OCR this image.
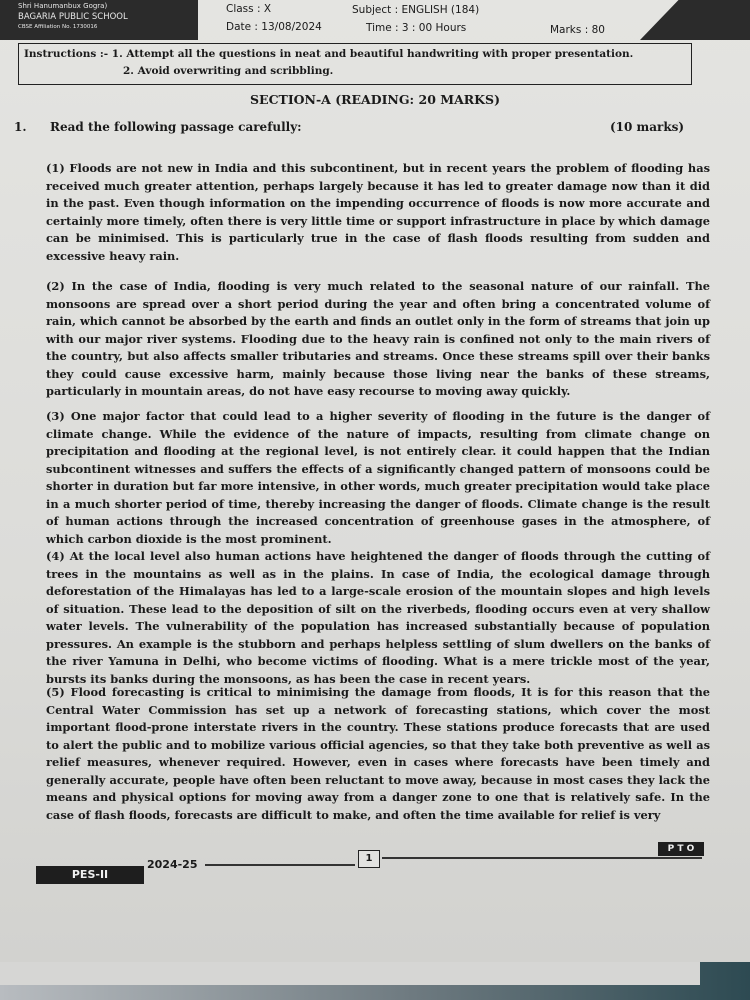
Shri Hanumanbux Gogra)
BAGARIA PUBLIC SCHOOL
CBSE Affiliation No. 1730016
Class : X
Date : 13/08/2024
Subject : ENGLISH (184)
Time : 3 : 00 Hours	Marks : 80
Instructions :- 1. Attempt all the questions in neat and beautiful handwriting with proper presentation.
2. Avoid overwriting and scribbling.
SECTION-A (READING: 20 MARKS)
1. Read the following passage carefully:	(10 marks)
(1) Floods are not new in India and this subcontinent, but in recent years the problem of flooding has received much greater attention, perhaps largely because it has led to greater damage now than it did in the past. Even though information on the impending occurrence of floods is now more accurate and certainly more timely, often there is very little time or support infrastructure in place by which damage can be minimised. This is particularly true in the case of flash floods resulting from sudden and excessive heavy rain.
(2) In the case of India, flooding is very much related to the seasonal nature of our rainfall. The monsoons are spread over a short period during the year and often bring a concentrated volume of rain, which cannot be absorbed by the earth and finds an outlet only in the form of streams that join up with our major river systems. Flooding due to the heavy rain is confined not only to the main rivers of the country, but also affects smaller tributaries and streams. Once these streams spill over their banks they could cause excessive harm, mainly because those living near the banks of these streams, particularly in mountain areas, do not have easy recourse to moving away quickly.
(3) One major factor that could lead to a higher severity of flooding in the future is the danger of climate change. While the evidence of the nature of impacts, resulting from climate change on precipitation and flooding at the regional level, is not entirely clear. it could happen that the Indian subcontinent witnesses and suffers the effects of a significantly changed pattern of monsoons could be shorter in duration but far more intensive, in other words, much greater precipitation would take place in a much shorter period of time, thereby increasing the danger of floods. Climate change is the result of human actions through the increased concentration of greenhouse gases in the atmosphere, of which carbon dioxide is the most prominent.
(4) At the local level also human actions have heightened the danger of floods through the cutting of trees in the mountains as well as in the plains. In case of India, the ecological damage through deforestation of the Himalayas has led to a large-scale erosion of the mountain slopes and high levels of situation. These lead to the deposition of silt on the riverbeds, flooding occurs even at very shallow water levels. The vulnerability of the population has increased substantially because of population pressures. An example is the stubborn and perhaps helpless settling of slum dwellers on the banks of the river Yamuna in Delhi, who become victims of flooding. What is a mere trickle most of the year, bursts its banks during the monsoons, as has been the case in recent years.
(5) Flood forecasting is critical to minimising the damage from floods, It is for this reason that the Central Water Commission has set up a network of forecasting stations, which cover the most important flood-prone interstate rivers in the country. These stations produce forecasts that are used to alert the public and to mobilize various official agencies, so that they take both preventive as well as relief measures, whenever required. However, even in cases where forecasts have been timely and generally accurate, people have often been reluctant to move away, because in most cases they lack the means and physical options for moving away from a danger zone to one that is relatively safe. In the case of flash floods, forecasts are difficult to make, and often the time available for relief is very
PES-II
2024-25	1
P T O
